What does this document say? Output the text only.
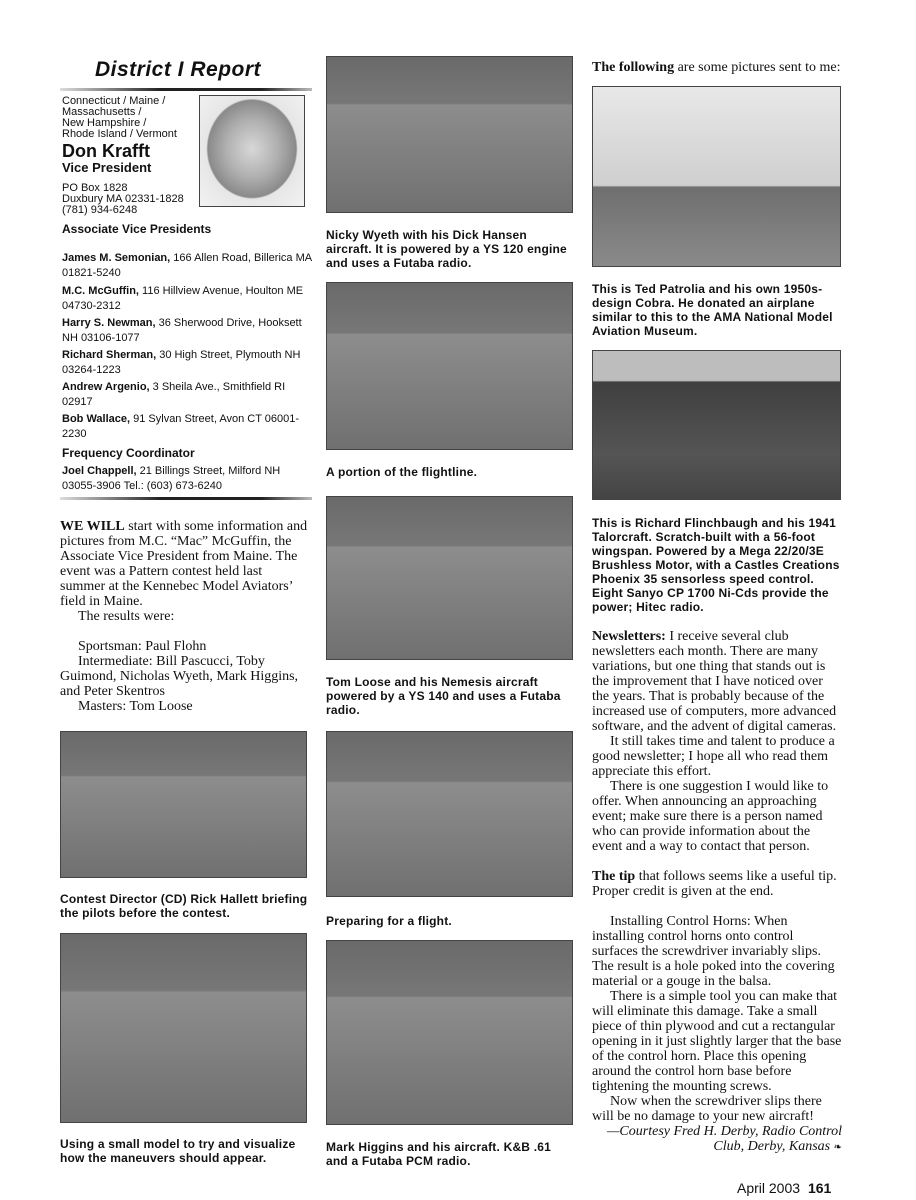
District I Report
Connecticut / Maine /
Massachusetts /
New Hampshire /
Rhode Island / Vermont
Don Krafft
Vice President
PO Box 1828
Duxbury MA 02331-1828
(781) 934-6248
Associate Vice Presidents
James M. Semonian, 166 Allen Road, Billerica MA 01821-5240
M.C. McGuffin, 116 Hillview Avenue, Houlton ME 04730-2312
Harry S. Newman, 36 Sherwood Drive, Hooksett NH 03106-1077
Richard Sherman, 30 High Street, Plymouth NH 03264-1223
Andrew Argenio, 3 Sheila Ave., Smithfield RI 02917
Bob Wallace, 91 Sylvan Street, Avon CT 06001-2230
Frequency Coordinator
Joel Chappell, 21 Billings Street, Milford NH 03055-3906 Tel.: (603) 673-6240

WE WILL start with some information and pictures from M.C. “Mac” McGuffin, the Associate Vice President from Maine. The event was a Pattern contest held last summer at the Kennebec Model Aviators’ field in Maine.

The results were:

Sportsman: Paul Flohn

Intermediate: Bill Pascucci, Toby Guimond, Nicholas Wyeth, Mark Higgins, and Peter Skentros

Masters: Tom Loose

Contest Director (CD) Rick Hallett briefing the pilots before the contest.
Using a small model to try and visualize how the maneuvers should appear.
Nicky Wyeth with his Dick Hansen aircraft. It is powered by a YS 120 engine and uses a Futaba radio.
A portion of the flightline.
Tom Loose and his Nemesis aircraft powered by a YS 140 and uses a Futaba radio.
Preparing for a flight.
Mark Higgins and his aircraft. K&B .61 and a Futaba PCM radio.

The following are some pictures sent to me:

This is Ted Patrolia and his own 1950s-design Cobra. He donated an airplane similar to this to the AMA National Model Aviation Museum.
This is Richard Flinchbaugh and his 1941 Talorcraft. Scratch-built with a 56-foot wingspan. Powered by a Mega 22/20/3E Brushless Motor, with a Castles Creations Phoenix 35 sensorless speed control. Eight Sanyo CP 1700 Ni-Cds provide the power; Hitec radio.

Newsletters: I receive several club newsletters each month. There are many variations, but one thing that stands out is the improvement that I have noticed over the years. That is probably because of the increased use of computers, more advanced software, and the advent of digital cameras.

It still takes time and talent to produce a good newsletter; I hope all who read them appreciate this effort.

There is one suggestion I would like to offer. When announcing an approaching event; make sure there is a person named who can provide information about the event and a way to contact that person.

The tip that follows seems like a useful tip. Proper credit is given at the end.

Installing Control Horns: When installing control horns onto control surfaces the screwdriver invariably slips. The result is a hole poked into the covering material or a gouge in the balsa.

There is a simple tool you can make that will eliminate this damage. Take a small piece of thin plywood and cut a rectangular opening in it just slightly larger that the base of the control horn. Place this opening around the control horn base before tightening the mounting screws.

Now when the screwdriver slips there will be no damage to your new aircraft!

—Courtesy Fred H. Derby, Radio Control

Club, Derby, Kansas ❧

April 2003 161
